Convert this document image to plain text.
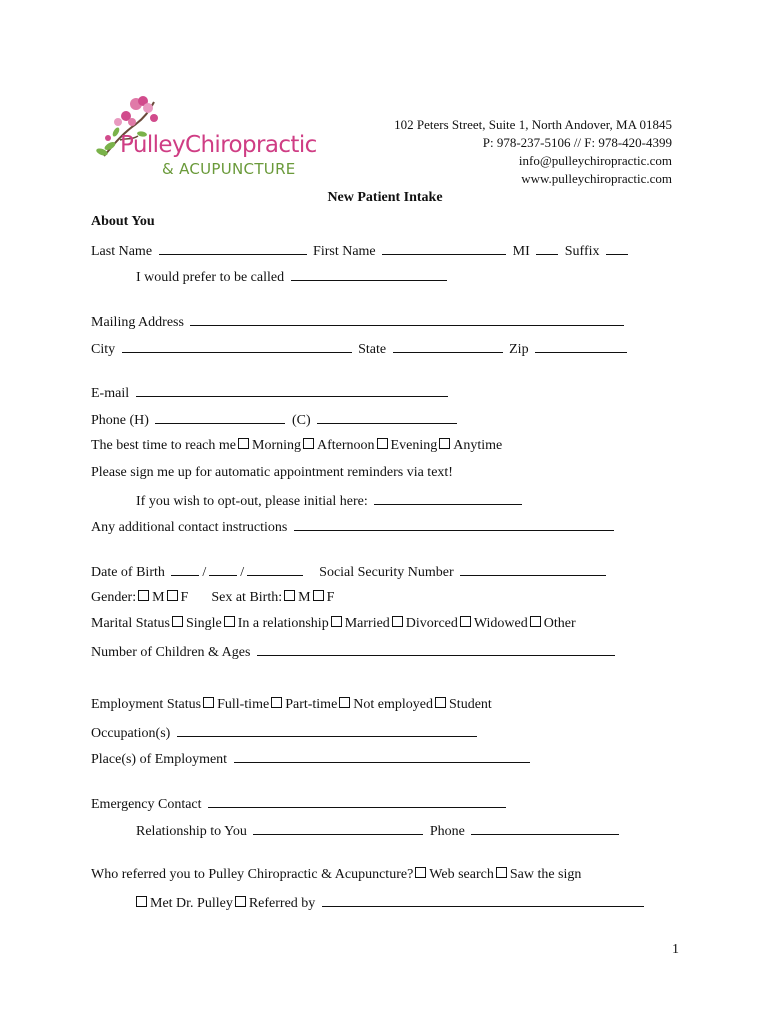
PulleyChiropractic
& ACUPUNCTURE
102 Peters Street, Suite 1, North Andover, MA 01845
P: 978-237-5106 // F: 978-420-4399
info@pulleychiropractic.com
www.pulleychiropractic.com
New Patient Intake
About You
Last Name	First Name	MI	Suffix
I would prefer to be called
Mailing Address
City	State	Zip
E-mail
Phone (H)	(C)
The best time to reach me Morning Afternoon Evening Anytime
Please sign me up for automatic appointment reminders via text!
If you wish to opt-out, please initial here:
Any additional contact instructions
Date of Birth	/ /	Social Security Number
Gender: M F Sex at Birth: M F
Marital Status Single In a relationship Married Divorced Widowed Other
Number of Children & Ages
Employment Status Full-time Part-time Not employed Student
Occupation(s)
Place(s) of Employment
Emergency Contact
Relationship to You	Phone
Who referred you to Pulley Chiropractic & Acupuncture? Web search Saw the sign
Met Dr. Pulley Referred by
1
